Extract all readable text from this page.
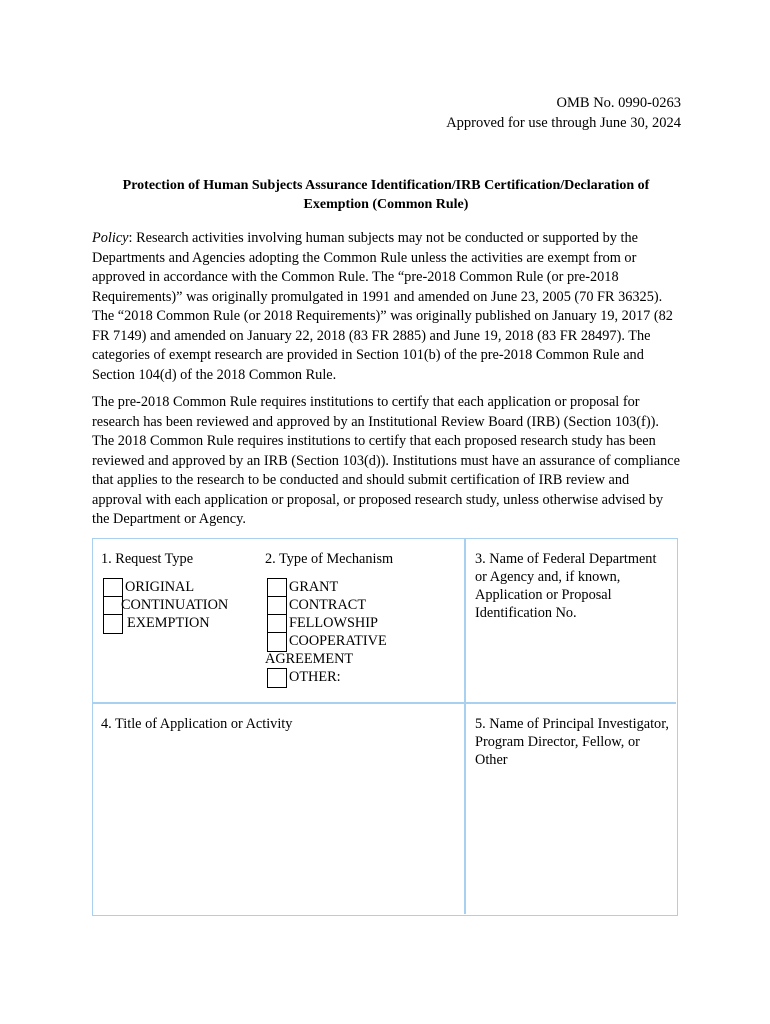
OMB No. 0990-0263
Approved for use through June 30, 2024
Protection of Human Subjects Assurance Identification/IRB Certification/Declaration of
Exemption (Common Rule)

Policy: Research activities involving human subjects may not be conducted or supported by the Departments and Agencies adopting the Common Rule unless the activities are exempt from or approved in accordance with the Common Rule. The “pre-2018 Common Rule (or pre-2018 Requirements)” was originally promulgated in 1991 and amended on June 23, 2005 (70 FR 36325). The “2018 Common Rule (or 2018 Requirements)” was originally published on January 19, 2017 (82 FR 7149) and amended on January 22, 2018 (83 FR 2885) and June 19, 2018 (83 FR 28497). The categories of exempt research are provided in Section 101(b) of the pre-2018 Common Rule and Section 104(d) of the 2018 Common Rule.

The pre-2018 Common Rule requires institutions to certify that each application or proposal for research has been reviewed and approved by an Institutional Review Board (IRB) (Section 103(f)). The 2018 Common Rule requires institutions to certify that each proposed research study has been reviewed and approved by an IRB (Section 103(d)). Institutions must have an assurance of compliance that applies to the research to be conducted and should submit certification of IRB review and approval with each application or proposal, or proposed research study, unless otherwise advised by the Department or Agency.

1. Request Type
ORIGINAL
CONTINUATION
EXEMPTION
2. Type of Mechanism
GRANT
CONTRACT
FELLOWSHIP
COOPERATIVE
AGREEMENT
OTHER:
3. Name of Federal Department or Agency and, if known, Application or Proposal Identification No.
4. Title of Application or Activity	5. Name of Principal Investigator, Program Director, Fellow, or Other
